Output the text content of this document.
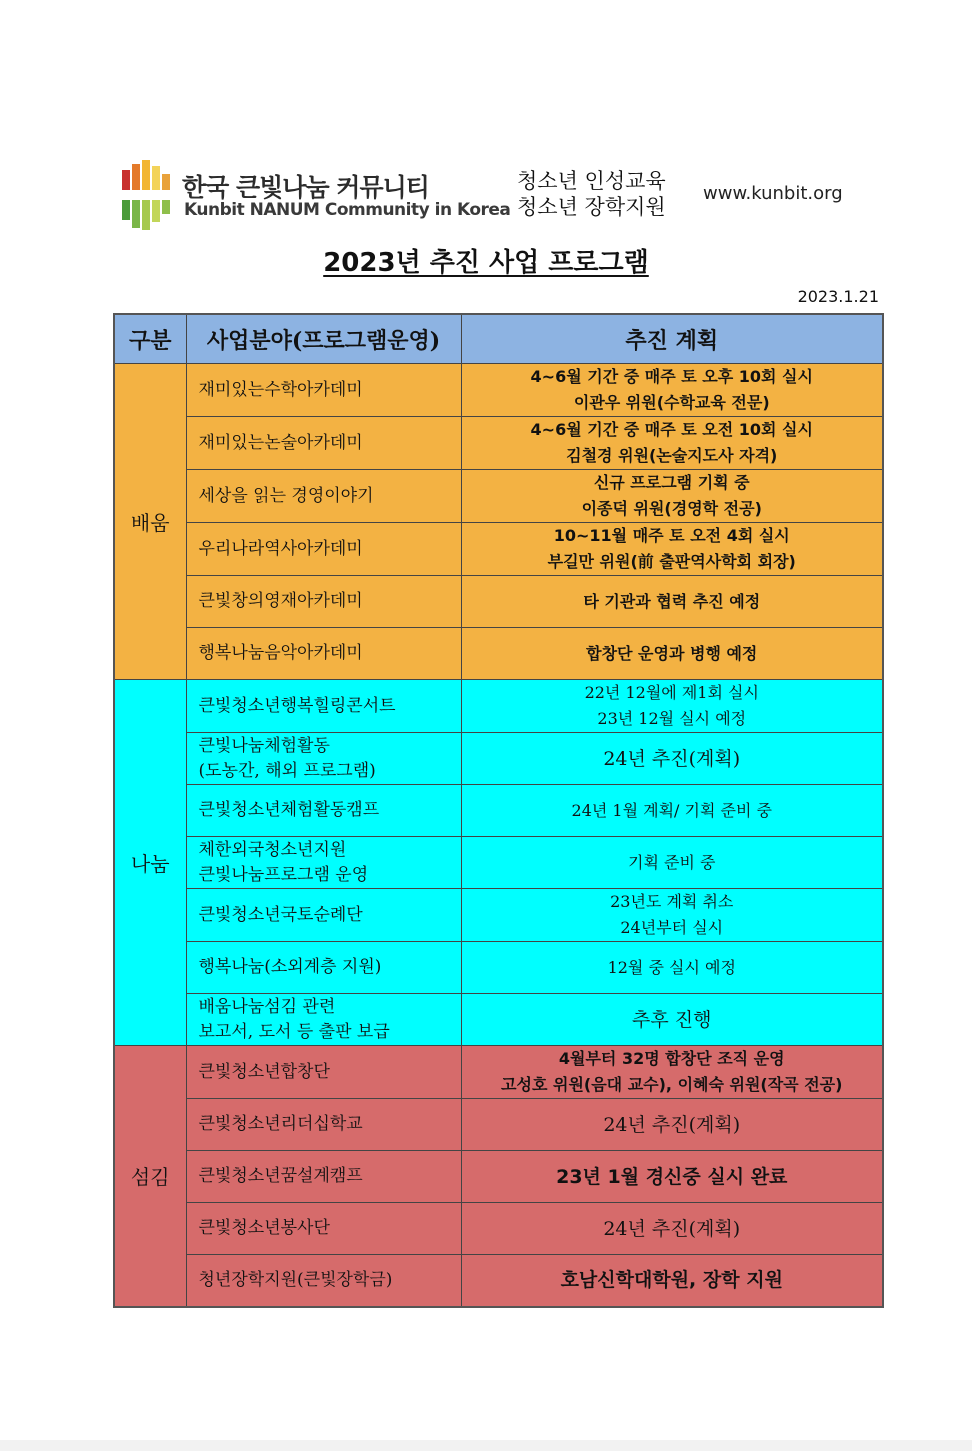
한국 큰빛나눔 커뮤니티
Kunbit NANUM Community in Korea
청소년 인성교육
청소년 장학지원
www.kunbit.org
2023년 추진 사업 프로그램
2023.1.21
구분	사업분야(프로그램운영)	추진 계획
배움	재미있는수학아카데미	4~6월 기간 중 매주 토 오후 10회 실시
이관우 위원(수학교육 전문)

	재미있는논술아카데미	4~6월 기간 중 매주 토 오전 10회 실시
김철경 위원(논술지도사 자격)

	세상을 읽는 경영이야기	신규 프로그램 기획 중
이종덕 위원(경영학 전공)

	우리나라역사아카데미	10~11월 매주 토 오전 4회 실시
부길만 위원(前 출판역사학회 회장)

	큰빛창의영재아카데미	타 기관과 협력 추진 예정
	행복나눔음악아카데미	합창단 운영과 병행 예정
나눔	큰빛청소년행복힐링콘서트	22년 12월에 제1회 실시
23년 12월 실시 예정

	큰빛나눔체험활동
(도농간, 해외 프로그램)	24년 추진(계획)
	큰빛청소년체험활동캠프	24년 1월 계획/ 기획 준비 중

	체한외국청소년지원
큰빛나눔프로그램 운영	기획 준비 중
	큰빛청소년국토순례단	23년도 계획 취소
24년부터 실시

	행복나눔(소외계층 지원)	12월 중 실시 예정

	배움나눔섬김 관련
보고서, 도서 등 출판 보급	추후 진행
섬김	큰빛청소년합창단	4월부터 32명 합창단 조직 운영
고성호 위원(음대 교수), 이혜숙 위원(작곡 전공)

	큰빛청소년리더십학교	24년 추진(계획)
	큰빛청소년꿈설계캠프	23년 1월 경신중 실시 완료
	큰빛청소년봉사단	24년 추진(계획)
	청년장학지원(큰빛장학금)	호남신학대학원, 장학 지원
